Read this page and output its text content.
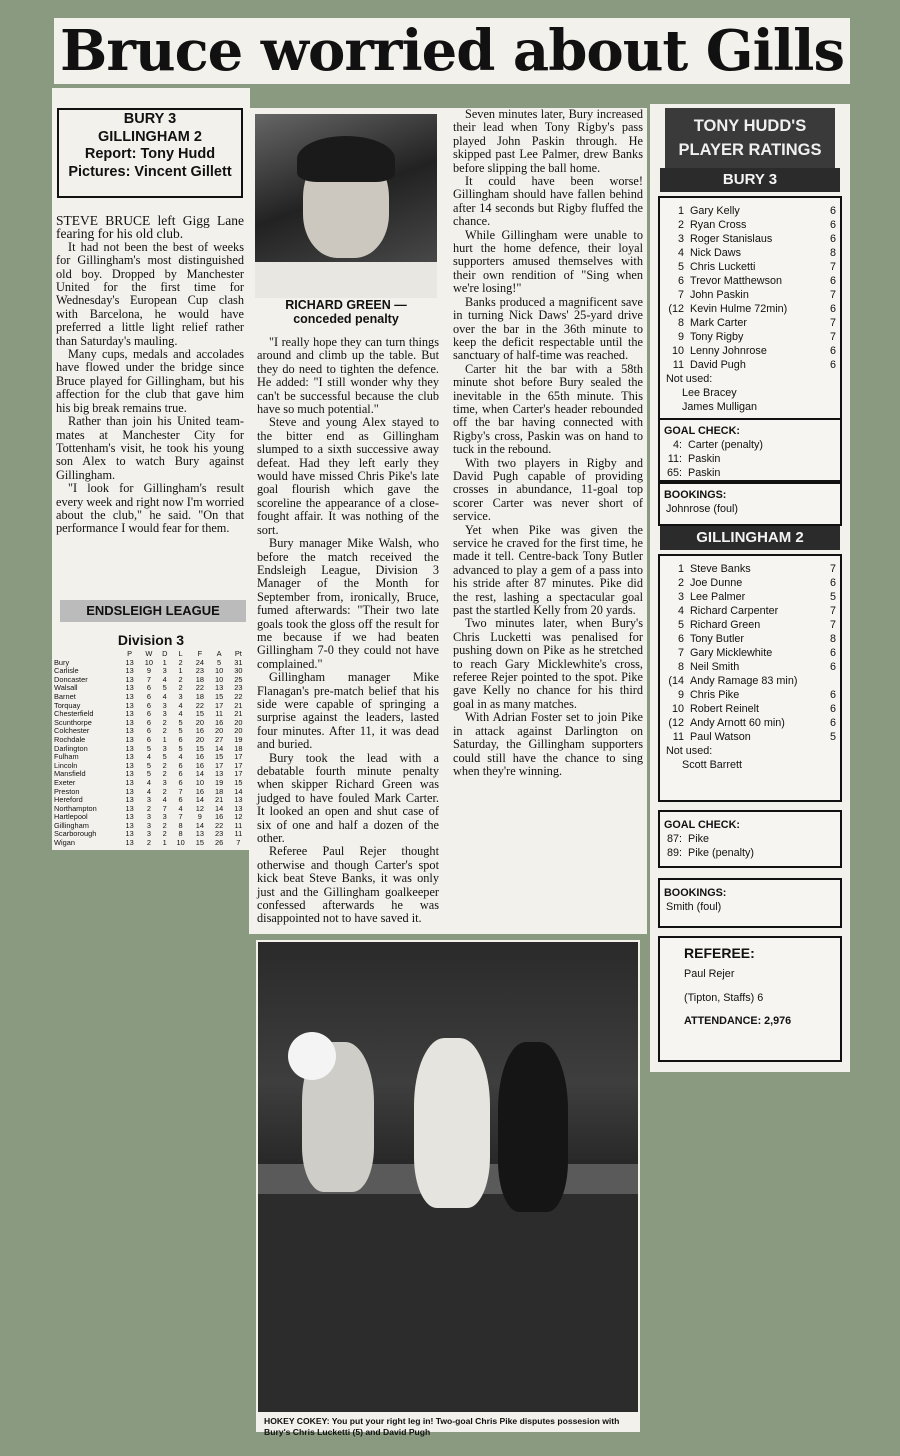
Bruce worried about Gills
BURY 3
GILLINGHAM 2
Report: Tony Hudd
Pictures: Vincent Gillett

STEVE BRUCE left Gigg Lane fearing for his old club.

It had not been the best of weeks for Gillingham's most distinguished old boy. Dropped by Manchester United for the first time for Wednesday's European Cup clash with Barcelona, he would have preferred a little light relief rather than Saturday's mauling.

Many cups, medals and accolades have flowed under the bridge since Bruce played for Gillingham, but his affection for the club that gave him his big break remains true.

Rather than join his United team-mates at Manchester City for Tottenham's visit, he took his young son Alex to watch Bury against Gillingham.

"I look for Gillingham's result every week and right now I'm worried about the club," he said. "On that performance I would fear for them.

ENDSLEIGH LEAGUE
Division 3
	P	W	D	L	F	A	Pt
Bury	13	10	1	2	24	5	31
Carlisle	13	9	3	1	23	10	30
Doncaster	13	7	4	2	18	10	25
Walsall	13	6	5	2	22	13	23
Barnet	13	6	4	3	18	15	22
Torquay	13	6	3	4	22	17	21
Chesterfield	13	6	3	4	15	11	21
Scunthorpe	13	6	2	5	20	16	20
Colchester	13	6	2	5	16	20	20
Rochdale	13	6	1	6	20	27	19
Darlington	13	5	3	5	15	14	18
Fulham	13	4	5	4	16	15	17
Lincoln	13	5	2	6	16	17	17
Mansfield	13	5	2	6	14	13	17
Exeter	13	4	3	6	10	19	15
Preston	13	4	2	7	16	18	14
Hereford	13	3	4	6	14	21	13
Northampton	13	2	7	4	12	14	13
Hartlepool	13	3	3	7	9	16	12
Gillingham	13	3	2	8	14	22	11
Scarborough	13	3	2	8	13	23	11
Wigan	13	2	1	10	15	26	7
RICHARD GREEN —
conceded penalty

"I really hope they can turn things around and climb up the table. But they do need to tighten the defence. He added: "I still wonder why they can't be successful because the club have so much potential."

Steve and young Alex stayed to the bitter end as Gillingham slumped to a sixth successive away defeat. Had they left early they would have missed Chris Pike's late goal flourish which gave the scoreline the appearance of a close-fought affair. It was nothing of the sort.

Bury manager Mike Walsh, who before the match received the Endsleigh League, Division 3 Manager of the Month for September from, ironically, Bruce, fumed afterwards: "Their two late goals took the gloss off the result for me because if we had beaten Gillingham 7-0 they could not have complained."

Gillingham manager Mike Flanagan's pre-match belief that his side were capable of springing a surprise against the leaders, lasted four minutes. After 11, it was dead and buried.

Bury took the lead with a debatable fourth minute penalty when skipper Richard Green was judged to have fouled Mark Carter. It looked an open and shut case of six of one and half a dozen of the other.

Referee Paul Rejer thought otherwise and though Carter's spot kick beat Steve Banks, it was only just and the Gillingham goalkeeper confessed afterwards he was disappointed not to have saved it.

Seven minutes later, Bury increased their lead when Tony Rigby's pass played John Paskin through. He skipped past Lee Palmer, drew Banks before slipping the ball home.

It could have been worse! Gillingham should have fallen behind after 14 seconds but Rigby fluffed the chance.

While Gillingham were unable to hurt the home defence, their loyal supporters amused themselves with their own rendition of "Sing when we're losing!"

Banks produced a magnificent save in turning Nick Daws' 25-yard drive over the bar in the 36th minute to keep the deficit respectable until the sanctuary of half-time was reached.

Carter hit the bar with a 58th minute shot before Bury sealed the inevitable in the 65th minute. This time, when Carter's header rebounded off the bar having connected with Rigby's cross, Paskin was on hand to tuck in the rebound.

With two players in Rigby and David Pugh capable of providing crosses in abundance, 11-goal top scorer Carter was never short of service.

Yet when Pike was given the service he craved for the first time, he made it tell. Centre-back Tony Butler advanced to play a gem of a pass into his stride after 87 minutes. Pike did the rest, lashing a spectacular goal past the startled Kelly from 20 yards.

Two minutes later, when Bury's Chris Lucketti was penalised for pushing down on Pike as he stretched to reach Gary Micklewhite's cross, referee Rejer pointed to the spot. Pike gave Kelly no chance for his third goal in as many matches.

With Adrian Foster set to join Pike in attack against Darlington on Saturday, the Gillingham supporters could still have the chance to sing when they're winning.

TONY HUDD'S
PLAYER RATINGS
BURY 3
1 Gary Kelly	6
2 Ryan Cross	6
3 Roger Stanislaus	6
4 Nick Daws	8
5 Chris Lucketti	7
6 Trevor Matthewson	6
7 John Paskin	7
(12 Kevin Hulme 72min)	6
8 Mark Carter	7
9 Tony Rigby	7
10 Lenny Johnrose	6
11 David Pugh	6
Not used:
Lee Bracey
James Mulligan
GOAL CHECK:
4: Carter (penalty)
11: Paskin
65: Paskin
BOOKINGS:
Johnrose (foul)
GILLINGHAM 2
1 Steve Banks	7
2 Joe Dunne	6
3 Lee Palmer	5
4 Richard Carpenter	7
5 Richard Green	7
6 Tony Butler	8
7 Gary Micklewhite	6
8 Neil Smith	6
(14 Andy Ramage 83 min)
9 Chris Pike	6
10 Robert Reinelt	6
(12 Andy Arnott 60 min)	6
11 Paul Watson	5
Not used:
Scott Barrett
GOAL CHECK:
87: Pike
89: Pike (penalty)
BOOKINGS:
Smith (foul)
REFEREE:
Paul Rejer
(Tipton, Staffs) 6
ATTENDANCE: 2,976
HOKEY COKEY: You put your right leg in! Two-goal Chris Pike disputes possesion with Bury's Chris Lucketti (5) and David Pugh
